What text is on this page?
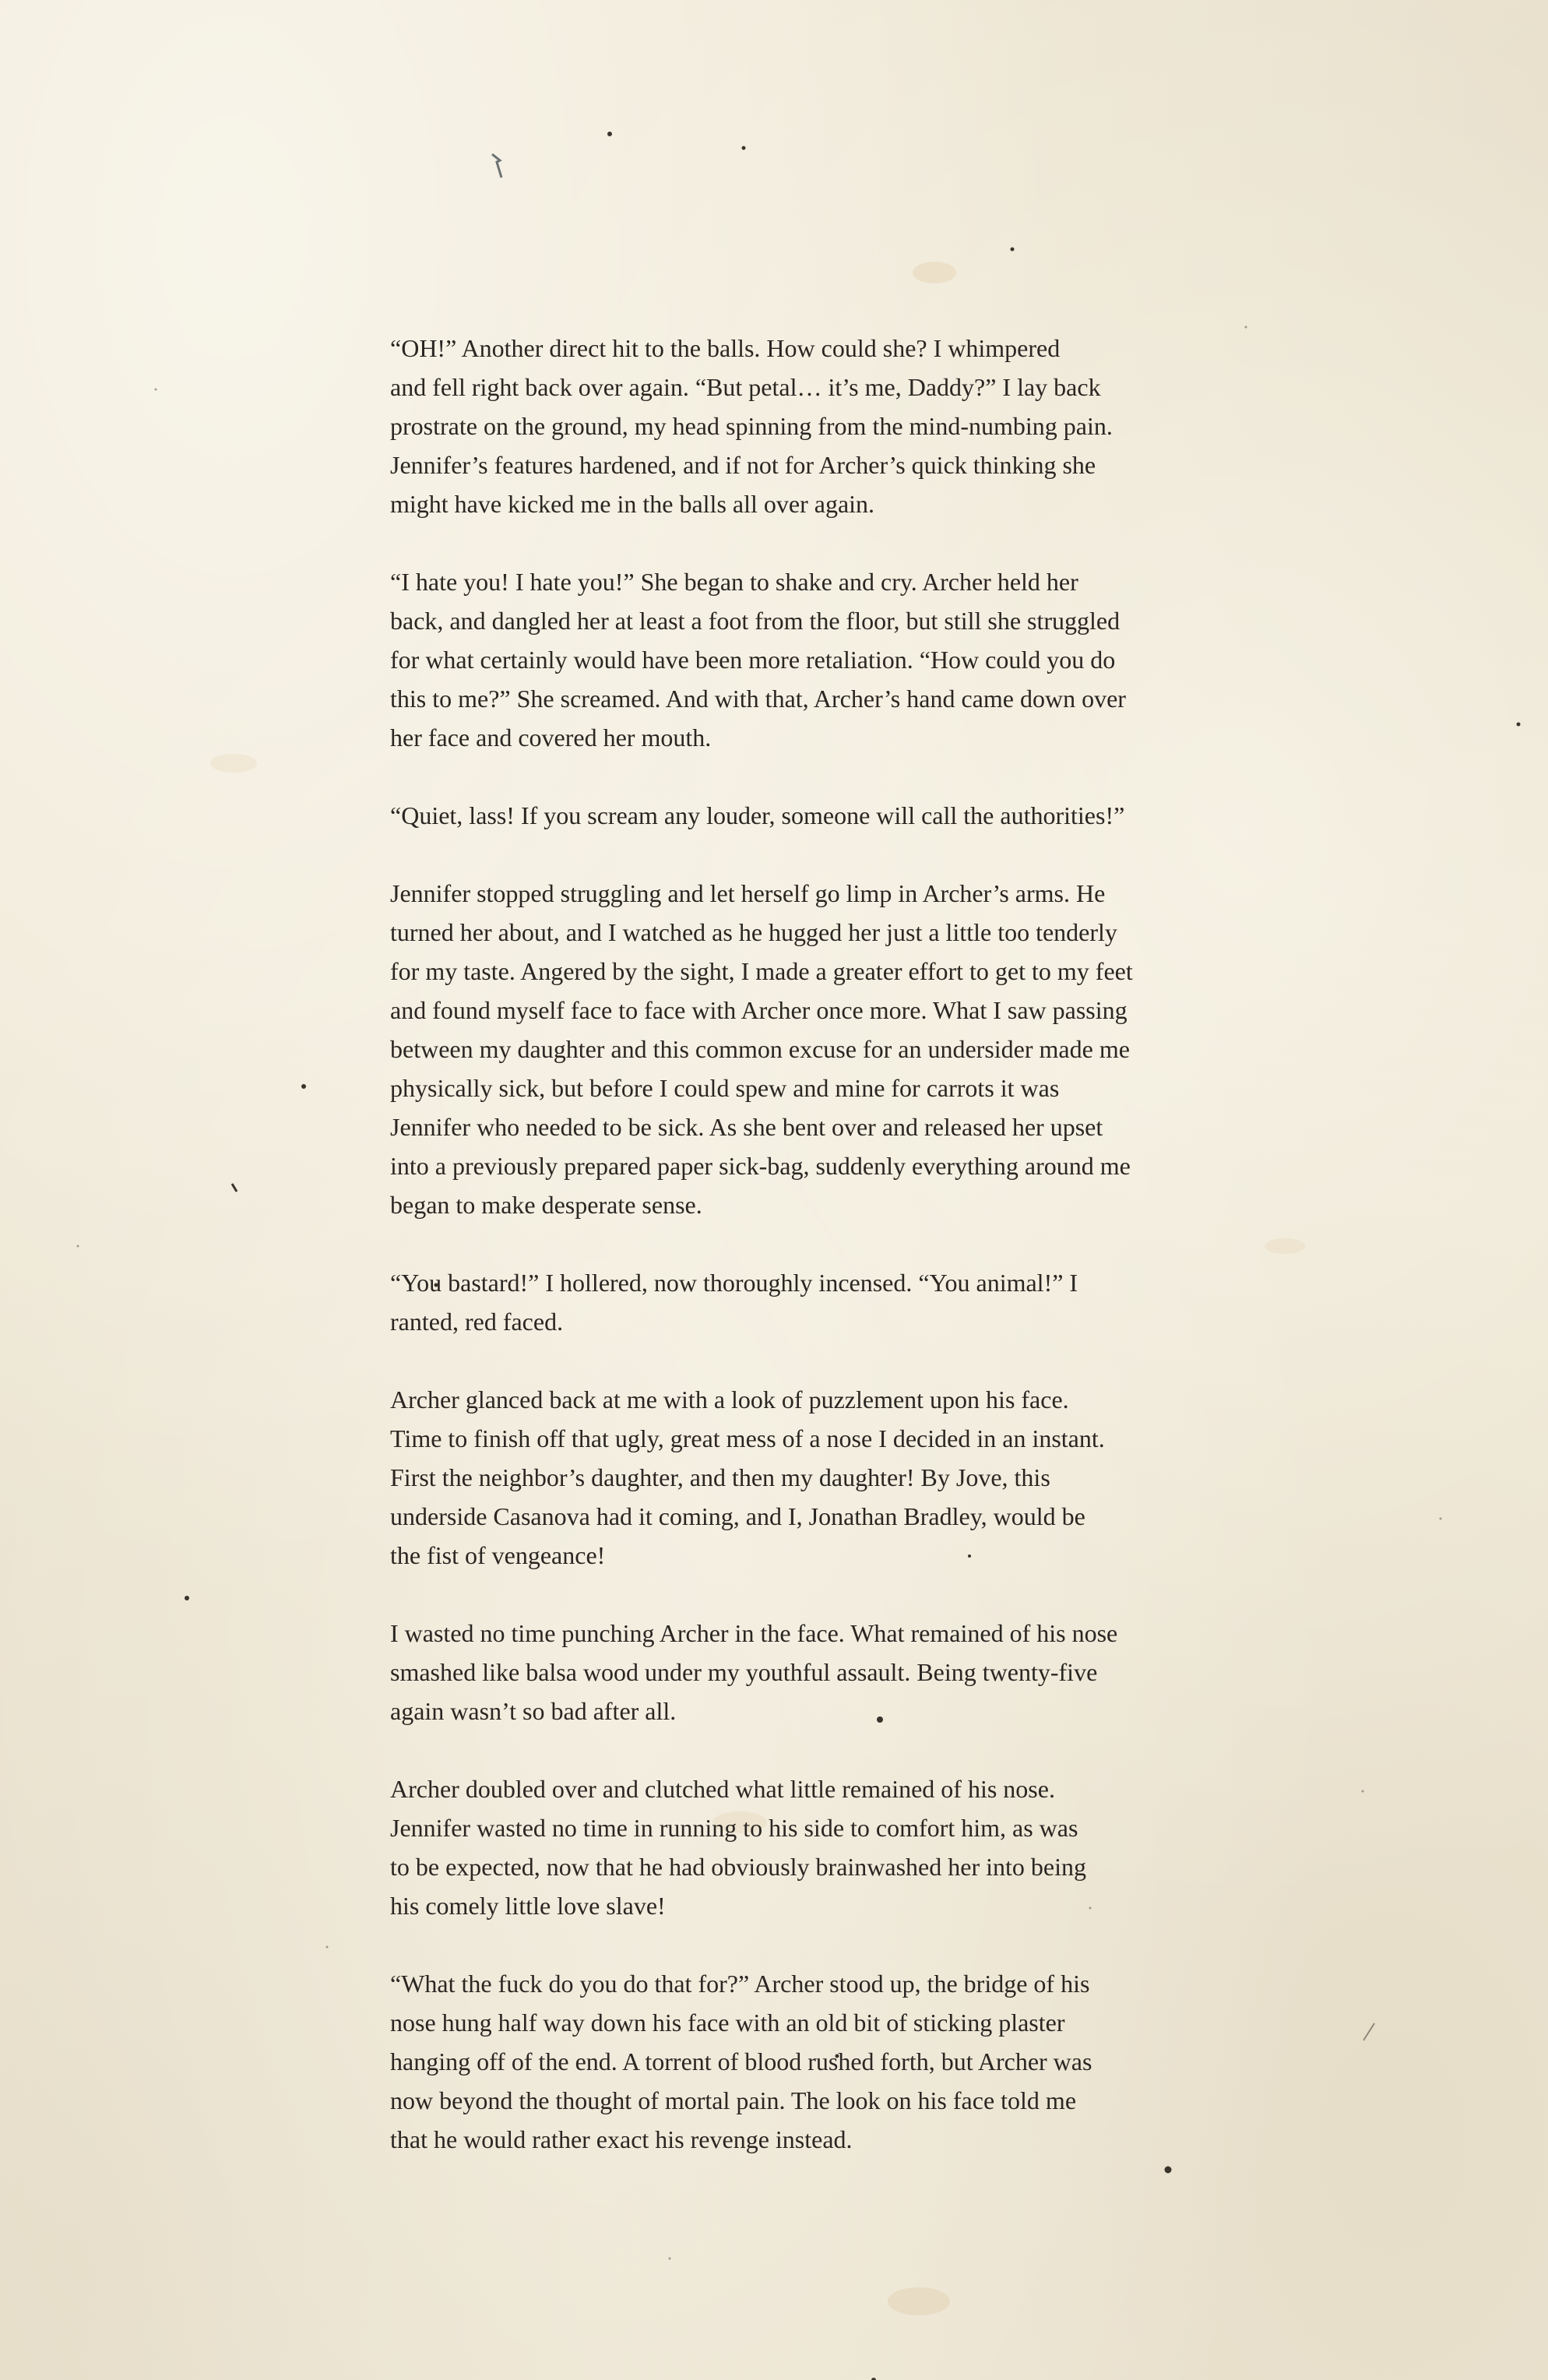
“OH!” Another direct hit to the balls. How could she? I whimpered
and fell right back over again. “But petal… it’s me, Daddy?” I lay back
prostrate on the ground, my head spinning from the mind-numbing pain.
Jennifer’s features hardened, and if not for Archer’s quick thinking she
might have kicked me in the balls all over again.

“I hate you! I hate you!” She began to shake and cry. Archer held her
back, and dangled her at least a foot from the floor, but still she struggled
for what certainly would have been more retaliation. “How could you do
this to me?” She screamed. And with that, Archer’s hand came down over
her face and covered her mouth.

“Quiet, lass! If you scream any louder, someone will call the authorities!”

Jennifer stopped struggling and let herself go limp in Archer’s arms. He
turned her about, and I watched as he hugged her just a little too tenderly
for my taste. Angered by the sight, I made a greater effort to get to my feet
and found myself face to face with Archer once more. What I saw passing
between my daughter and this common excuse for an undersider made me
physically sick, but before I could spew and mine for carrots it was
Jennifer who needed to be sick. As she bent over and released her upset
into a previously prepared paper sick-bag, suddenly everything around me
began to make desperate sense.

“You bastard!” I hollered, now thoroughly incensed. “You animal!” I
ranted, red faced.

Archer glanced back at me with a look of puzzlement upon his face.
Time to finish off that ugly, great mess of a nose I decided in an instant.
First the neighbor’s daughter, and then my daughter! By Jove, this
underside Casanova had it coming, and I, Jonathan Bradley, would be
the fist of vengeance!

I wasted no time punching Archer in the face. What remained of his nose
smashed like balsa wood under my youthful assault. Being twenty-five
again wasn’t so bad after all.

Archer doubled over and clutched what little remained of his nose.
Jennifer wasted no time in running to his side to comfort him, as was
to be expected, now that he had obviously brainwashed her into being
his comely little love slave!

“What the fuck do you do that for?” Archer stood up, the bridge of his
nose hung half way down his face with an old bit of sticking plaster
hanging off of the end. A torrent of blood rushed forth, but Archer was
now beyond the thought of mortal pain. The look on his face told me
that he would rather exact his revenge instead.
